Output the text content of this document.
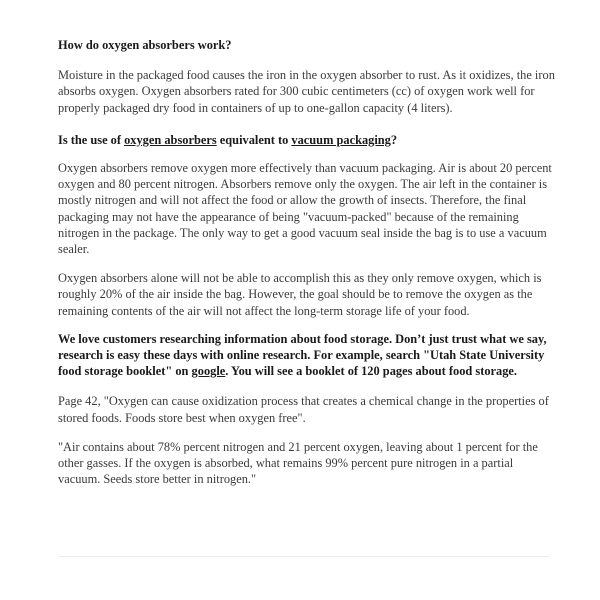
How do oxygen absorbers work?

Moisture in the packaged food causes the iron in the oxygen absorber to rust. As it oxidizes, the iron absorbs oxygen. Oxygen absorbers rated for 300 cubic centimeters (cc) of oxygen work well for properly packaged dry food in containers of up to one-gallon capacity (4 liters).

Is the use of oxygen absorbers equivalent to vacuum packaging?

Oxygen absorbers remove oxygen more effectively than vacuum packaging. Air is about 20 percent oxygen and 80 percent nitrogen. Absorbers remove only the oxygen. The air left in the container is mostly nitrogen and will not affect the food or allow the growth of insects. Therefore, the final packaging may not have the appearance of being "vacuum-packed" because of the remaining nitrogen in the package. The only way to get a good vacuum seal inside the bag is to use a vacuum sealer.

Oxygen absorbers alone will not be able to accomplish this as they only remove oxygen, which is roughly 20% of the air inside the bag. However, the goal should be to remove the oxygen as the remaining contents of the air will not affect the long-term storage life of your food.

We love customers researching information about food storage. Don’t just trust what we say, research is easy these days with online research. For example, search "Utah State University food storage booklet" on google. You will see a booklet of 120 pages about food storage.

Page 42, "Oxygen can cause oxidization process that creates a chemical change in the properties of stored foods. Foods store best when oxygen free".

"Air contains about 78% percent nitrogen and 21 percent oxygen, leaving about 1 percent for the other gasses. If the oxygen is absorbed, what remains 99% percent pure nitrogen in a partial vacuum. Seeds store better in nitrogen."
